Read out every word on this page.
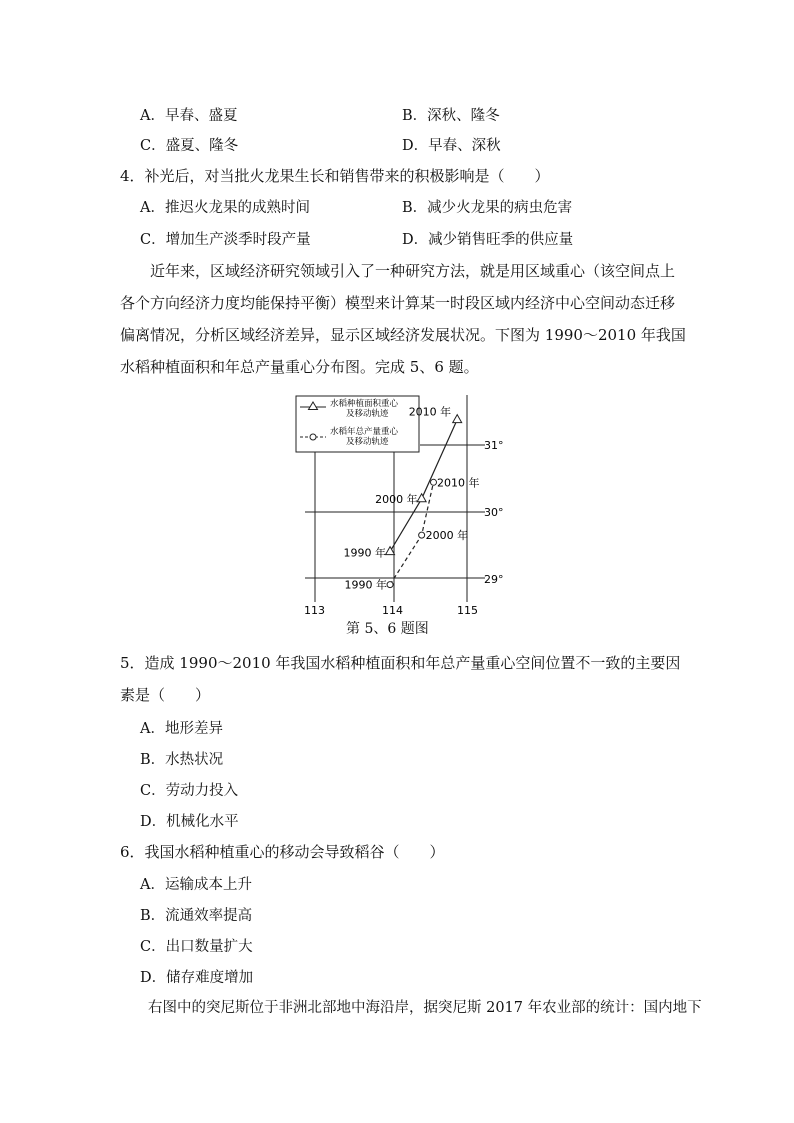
A．早春、盛夏	B．深秋、隆冬
C．盛夏、隆冬	D．早春、深秋
4．补光后，对当批火龙果生长和销售带来的积极影响是（　　）
A．推迟火龙果的成熟时间	B．减少火龙果的病虫危害
C．增加生产淡季时段产量	D．减少销售旺季的供应量

近年来，区域经济研究领域引入了一种研究方法，就是用区域重心（该空间点上

各个方向经济力度均能保持平衡）模型来计算某一时段区域内经济中心空间动态迁移

偏离情况，分析区域经济差异，显示区域经济发展状况。下图为 1990～2010 年我国

水稻种植面积和年总产量重心分布图。完成 5、6 题。

水稻种植面积重心
及移动轨迹
水稻年总产量重心
及移动轨迹	31°
30°
29°
113	114	115
1990 年
2000 年
2010 年
1990 年
2000 年
2010 年
第 5、6 题图
5．造成 1990～2010 年我国水稻种植面积和年总产量重心空间位置不一致的主要因
素是（　　）
A．地形差异
B．水热状况
C．劳动力投入
D．机械化水平
6．我国水稻种植重心的移动会导致稻谷（　　）
A．运输成本上升
B．流通效率提高
C．出口数量扩大
D．储存难度增加
右图中的突尼斯位于非洲北部地中海沿岸，据突尼斯 2017 年农业部的统计：国内地下
